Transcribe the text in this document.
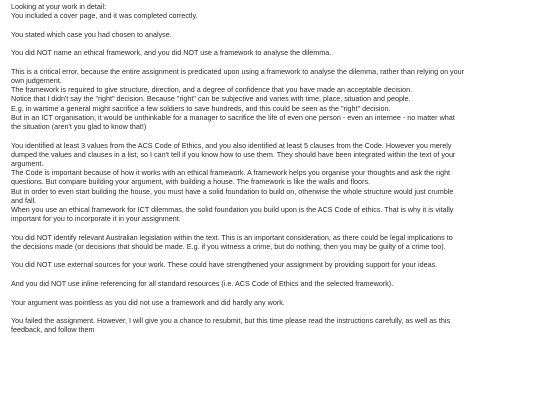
Looking at your work in detail:
You included a cover page, and it was completed correctly.
You stated which case you had chosen to analyse.
You did NOT name an ethical framework, and you did NOT use a framework to analyse the dilemma.
This is a critical error, because the entire assignment is predicated upon using a framework to analyse the dilemma, rather than relying on your
own judgement.
The framework is required to give structure, direction, and a degree of confidence that you have made an acceptable decision.
Notice that I didn't say the "right" decision. Because "right" can be subjective and varies with time, place, situation and people.
E.g. in wartime a general might sacrifice a few soldiers to save hundreds, and this could be seen as the "right" decision.
But in an ICT organisation, it would be unthinkable for a manager to sacrifice the life of even one person - even an internee - no matter what
the situation (aren't you glad to know that!)
You identified at least 3 values from the ACS Code of Ethics, and you also identified at least 5 clauses from the Code. However you merely
dumped the values and clauses in a list, so I can't tell if you know how to use them. They should have been integrated within the text of your
argument.
The Code is important because of how it works with an ethical framework. A framework helps you organise your thoughts and ask the right
questions. But compare building your argument, with building a house. The framework is like the walls and floors.
But in order to even start building the house, you must have a solid foundation to build on, otherwise the whole structure would just crumble
and fall.
When you use an ethical framework for ICT dilemmas, the solid foundation you build upon is the ACS Code of ethics. That is why it is vitally
important for you to incorporate it in your assignment.
You did NOT identify relevant Australian legislation within the text. This is an important consideration, as there could be legal implications to
the decisions made (or decisions that should be made. E.g. if you witness a crime, but do nothing, then you may be guilty of a crime too).
You did NOT use external sources for your work. These could have strengthened your assignment by providing support for your ideas.
And you did NOT use inline referencing for all standard resources (i.e. ACS Code of Ethics and the selected framework).
Your argument was pointless as you did not use a framework and did hardly any work.
You failed the assignment. However, I will give you a chance to resubmit, but this time please read the instructions carefully, as well as this
feedback, and follow them
